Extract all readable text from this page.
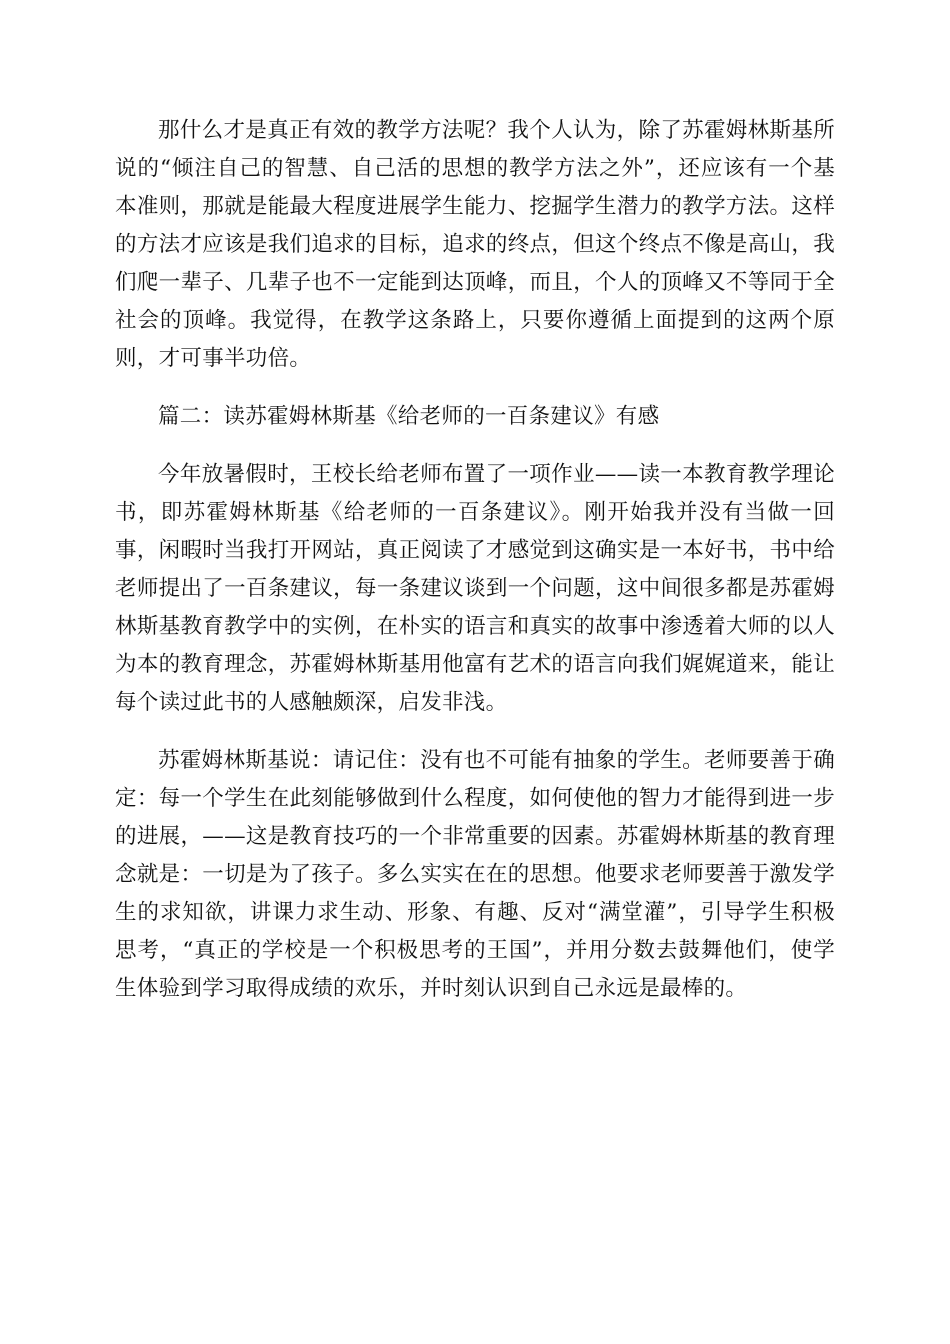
那什么才是真正有效的教学方法呢？我个人认为，除了苏霍姆林斯基所说的“倾注自己的智慧、自己活的思想的教学方法之外”，还应该有一个基本准则，那就是能最大程度进展学生能力、挖掘学生潜力的教学方法。这样的方法才应该是我们追求的目标，追求的终点，但这个终点不像是高山，我们爬一辈子、几辈子也不一定能到达顶峰，而且，个人的顶峰又不等同于全社会的顶峰。我觉得，在教学这条路上，只要你遵循上面提到的这两个原则，才可事半功倍。

篇二：读苏霍姆林斯基《给老师的一百条建议》有感

今年放暑假时，王校长给老师布置了一项作业——读一本教育教学理论书，即苏霍姆林斯基《给老师的一百条建议》。刚开始我并没有当做一回事，闲暇时当我打开网站，真正阅读了才感觉到这确实是一本好书，书中给老师提出了一百条建议，每一条建议谈到一个问题，这中间很多都是苏霍姆林斯基教育教学中的实例，在朴实的语言和真实的故事中渗透着大师的以人为本的教育理念，苏霍姆林斯基用他富有艺术的语言向我们娓娓道来，能让每个读过此书的人感触颇深，启发非浅。

苏霍姆林斯基说：请记住：没有也不可能有抽象的学生。老师要善于确定：每一个学生在此刻能够做到什么程度，如何使他的智力才能得到进一步的进展，——这是教育技巧的一个非常重要的因素。苏霍姆林斯基的教育理念就是：一切是为了孩子。多么实实在在的思想。他要求老师要善于激发学生的求知欲，讲课力求生动、形象、有趣、反对“满堂灌”，引导学生积极思考，“真正的学校是一个积极思考的王国”，并用分数去鼓舞他们，使学生体验到学习取得成绩的欢乐，并时刻认识到自己永远是最棒的。
